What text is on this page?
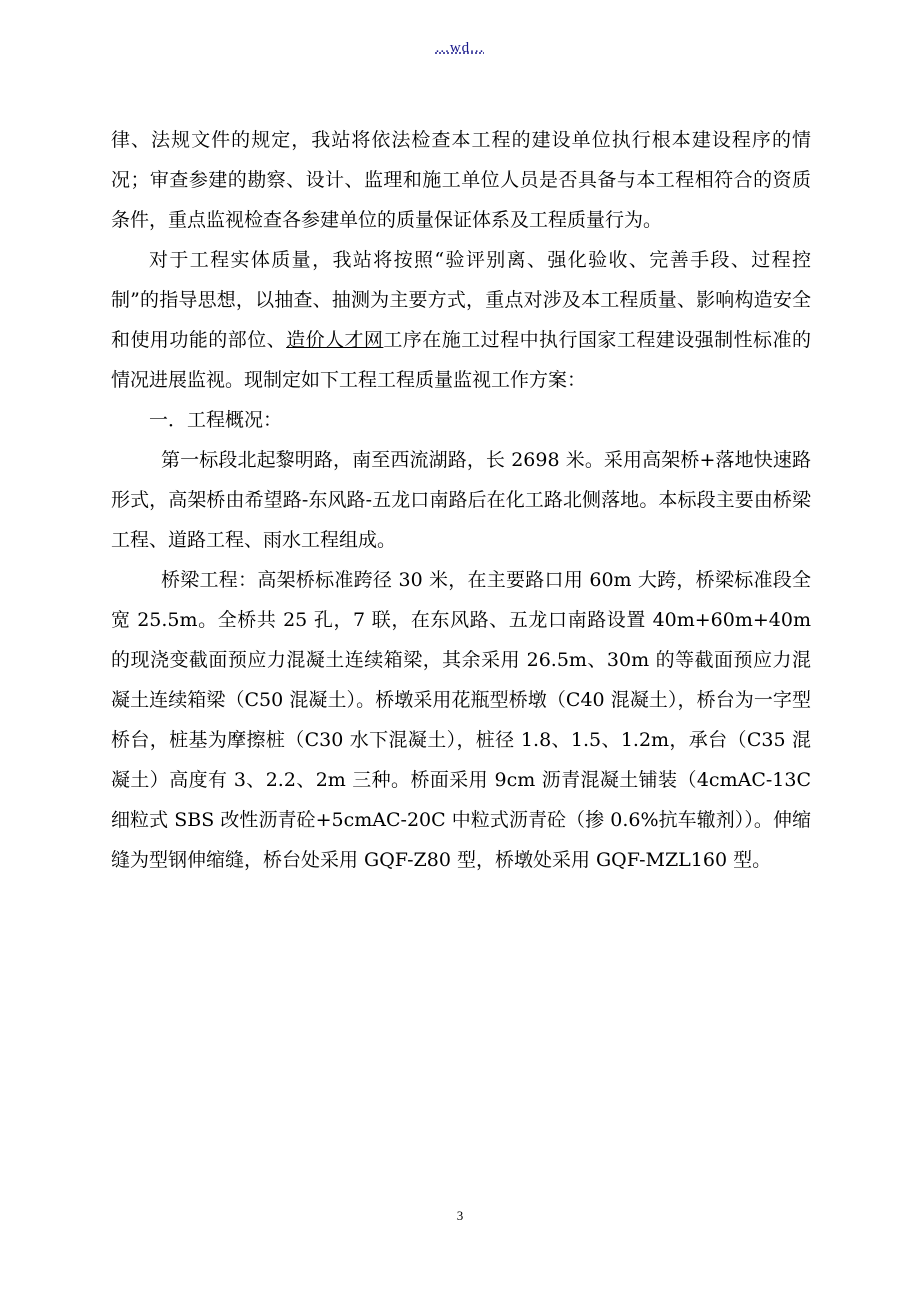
...wd...

律、法规文件的规定，我站将依法检查本工程的建设单位执行根本建设程序的情况；审查参建的勘察、设计、监理和施工单位人员是否具备与本工程相符合的资质条件，重点监视检查各参建单位的质量保证体系及工程质量行为。

对于工程实体质量，我站将按照“验评别离、强化验收、完善手段、过程控制”的指导思想，以抽查、抽测为主要方式，重点对涉及本工程质量、影响构造安全和使用功能的部位、造价人才网工序在施工过程中执行国家工程建设强制性标准的情况进展监视。现制定如下工程工程质量监视工作方案：

一．工程概况：

第一标段北起黎明路，南至西流湖路，长 2698 米。采用高架桥+落地快速路形式，高架桥由希望路-东风路-五龙口南路后在化工路北侧落地。本标段主要由桥梁工程、道路工程、雨水工程组成。

桥梁工程：高架桥标准跨径 30 米，在主要路口用 60m 大跨，桥梁标准段全宽 25.5m。全桥共 25 孔，7 联，在东风路、五龙口南路设置 40m+60m+40m 的现浇变截面预应力混凝土连续箱梁，其余采用 26.5m、30m 的等截面预应力混凝土连续箱梁（C50 混凝土）。桥墩采用花瓶型桥墩（C40 混凝土），桥台为一字型桥台，桩基为摩擦桩（C30 水下混凝土），桩径 1.8、1.5、1.2m，承台（C35 混凝土）高度有 3、2.2、2m 三种。桥面采用 9cm 沥青混凝土铺装（4cmAC-13C 细粒式 SBS 改性沥青砼+5cmAC-20C 中粒式沥青砼（掺 0.6%抗车辙剂））。伸缩缝为型钢伸缩缝，桥台处采用 GQF-Z80 型，桥墩处采用 GQF-MZL160 型。

3
